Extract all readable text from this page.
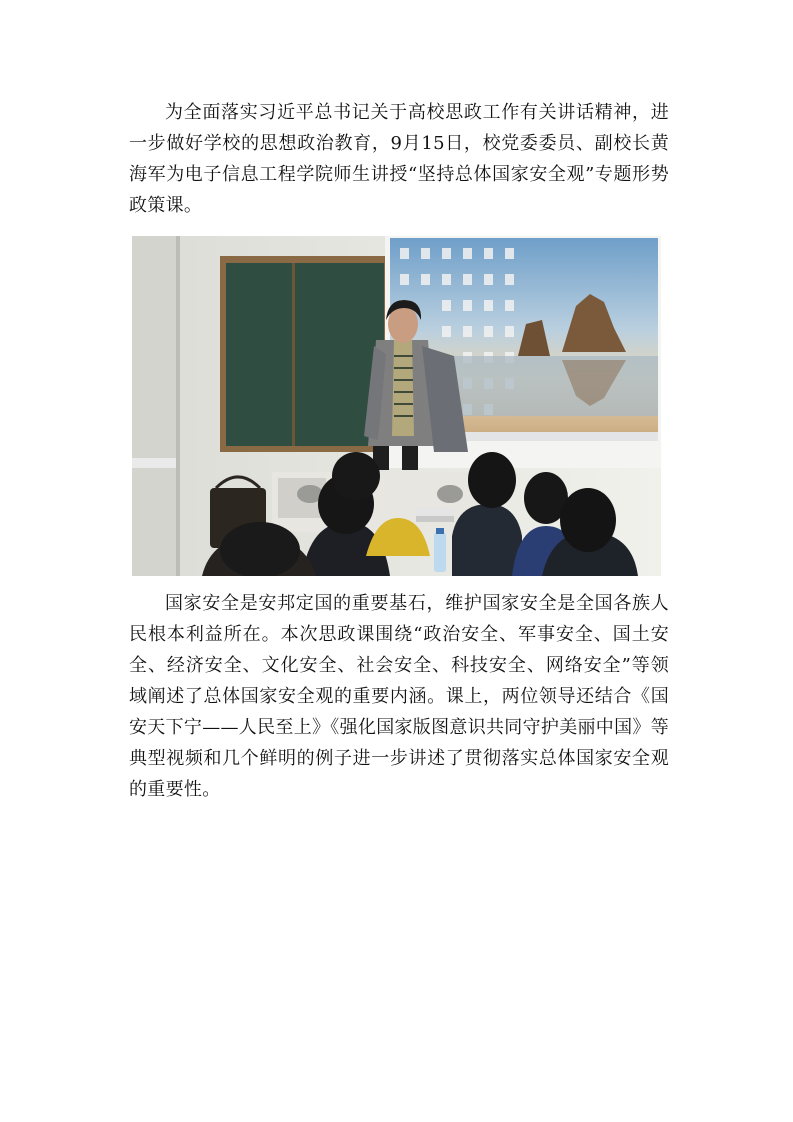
为全面落实习近平总书记关于高校思政工作有关讲话精神，进一步做好学校的思想政治教育，9月15日，校党委委员、副校长黄海军为电子信息工程学院师生讲授“坚持总体国家安全观”专题形势政策课。

国家安全是安邦定国的重要基石，维护国家安全是全国各族人民根本利益所在。本次思政课围绕“政治安全、军事安全、国土安全、经济安全、文化安全、社会安全、科技安全、网络安全”等领域阐述了总体国家安全观的重要内涵。课上，两位领导还结合《国安天下宁——人民至上》《强化国家版图意识共同守护美丽中国》等典型视频和几个鲜明的例子进一步讲述了贯彻落实总体国家安全观的重要性。
